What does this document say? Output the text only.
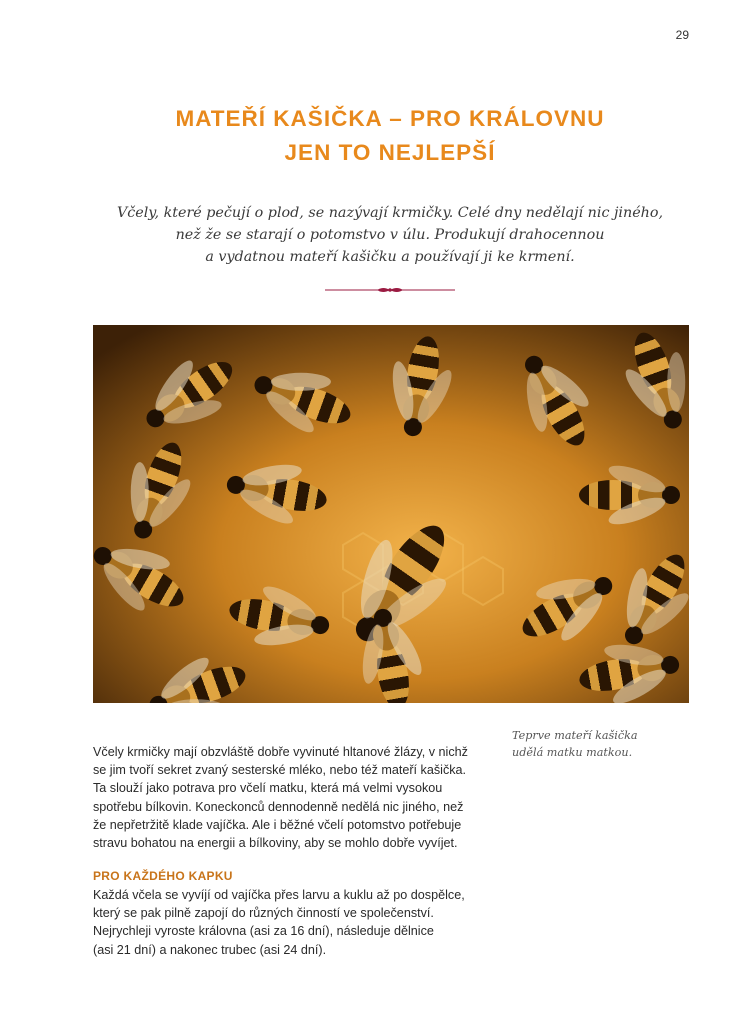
29
MATEŘÍ KAŠIČKA – PRO KRÁLOVNU
JEN TO NEJLEPŠÍ
Včely, které pečují o plod, se nazývají krmičky. Celé dny nedělají nic jiného,
než že se starají o potomstvo v úlu. Produkují drahocennou
a vydatnou mateří kašičku a používají ji ke krmení.
Teprve mateří kašička
udělá matku matkou.
Včely krmičky mají obzvláště dobře vyvinuté hltanové žlázy, v nichž
se jim tvoří sekret zvaný sesterské mléko, nebo též mateří kašička.
Ta slouží jako potrava pro včelí matku, která má velmi vysokou
spotřebu bílkovin. Koneckonců dennodenně nedělá nic jiného, než
že nepřetržitě klade vajíčka. Ale i běžné včelí potomstvo potřebuje
stravu bohatou na energii a bílkoviny, aby se mohlo dobře vyvíjet.
PRO KAŽDÉHO KAPKU
Každá včela se vyvíjí od vajíčka přes larvu a kuklu až po dospělce,
který se pak pilně zapojí do různých činností ve společenství.
Nejrychleji vyroste královna (asi za 16 dní), následuje dělnice
(asi 21 dní) a nakonec trubec (asi 24 dní).
